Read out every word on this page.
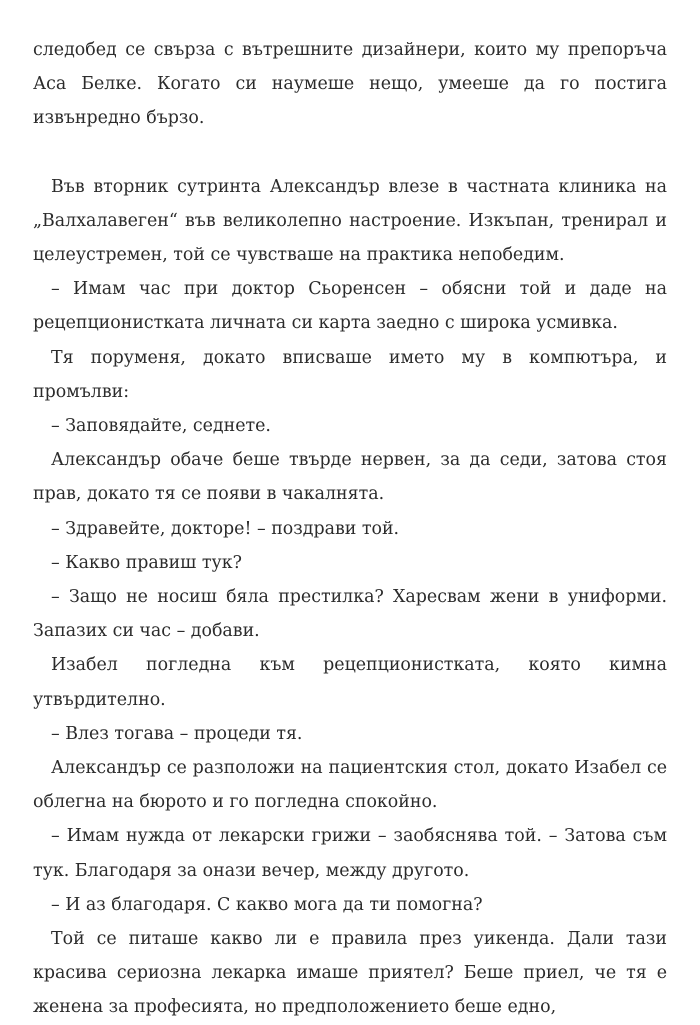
следобед се свърза с вътрешните дизайнери, които му препоръча Аса Белке. Когато си наумеше нещо, умееше да го постига извънредно бързо.

Във вторник сутринта Александър влезе в частната клиника на „Валхалавеген“ във великолепно настроение. Изкъпан, тренирал и целеустремен, той се чувстваше на практика непобедим.

– Имам час при доктор Сьоренсен – обясни той и даде на рецепционистката личната си карта заедно с широка усмивка.

Тя поруменя, докато вписваше името му в компютъра, и промълви:

– Заповядайте, седнете.

Александър обаче беше твърде нервен, за да седи, затова стоя прав, докато тя се появи в чакалнята.

– Здравейте, докторе! – поздрави той.

– Какво правиш тук?

– Защо не носиш бяла престилка? Харесвам жени в униформи. Запазих си час – добави.

Изабел погледна към рецепционистката, която кимна утвърдително.

– Влез тогава – процеди тя.

Александър се разположи на пациентския стол, докато Изабел се облегна на бюрото и го погледна спокойно.

– Имам нужда от лекарски грижи – заобяснява той. – Затова съм тук. Благодаря за онази вечер, между другото.

– И аз благодаря. С какво мога да ти помогна?

Той се питаше какво ли е правила през уикенда. Дали тази красива сериозна лекарка имаше приятел? Беше приел, че тя е женена за професията, но предположението беше едно,
